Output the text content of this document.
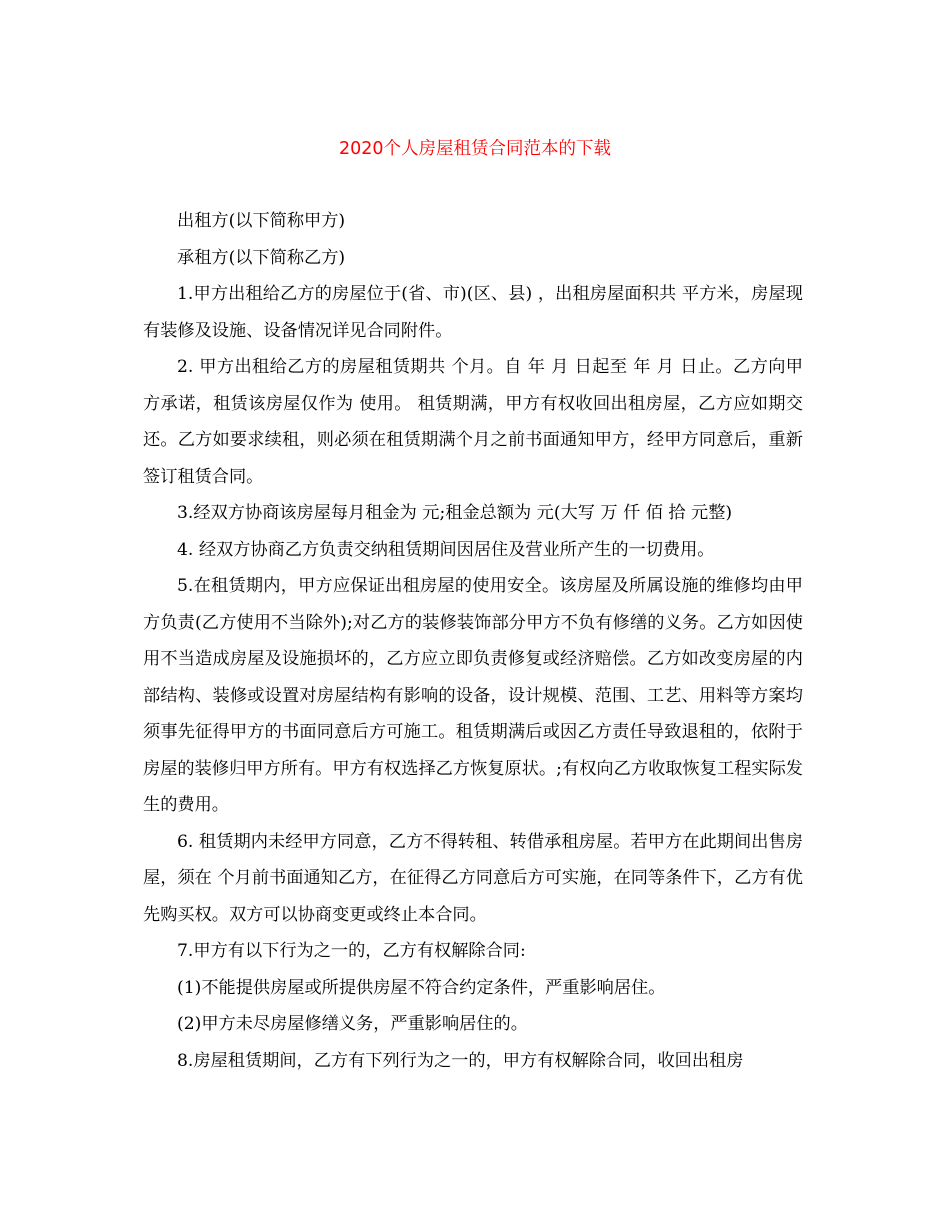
2020个人房屋租赁合同范本的下载

出租方(以下简称甲方)

承租方(以下简称乙方)

1.甲方出租给乙方的房屋位于(省、市)(区、县) ，出租房屋面积共 平方米，房屋现有装修及设施、设备情况详见合同附件。

2. 甲方出租给乙方的房屋租赁期共 个月。自 年 月 日起至 年 月 日止。乙方向甲方承诺，租赁该房屋仅作为 使用。 租赁期满，甲方有权收回出租房屋，乙方应如期交还。乙方如要求续租，则必须在租赁期满个月之前书面通知甲方，经甲方同意后，重新签订租赁合同。

3.经双方协商该房屋每月租金为 元;租金总额为 元(大写 万 仟 佰 拾 元整)

4. 经双方协商乙方负责交纳租赁期间因居住及营业所产生的一切费用。

5.在租赁期内，甲方应保证出租房屋的使用安全。该房屋及所属设施的维修均由甲方负责(乙方使用不当除外);对乙方的装修装饰部分甲方不负有修缮的义务。乙方如因使用不当造成房屋及设施损坏的，乙方应立即负责修复或经济赔偿。乙方如改变房屋的内部结构、装修或设置对房屋结构有影响的设备，设计规模、范围、工艺、用料等方案均须事先征得甲方的书面同意后方可施工。租赁期满后或因乙方责任导致退租的，依附于房屋的装修归甲方所有。甲方有权选择乙方恢复原状。;有权向乙方收取恢复工程实际发生的费用。

6. 租赁期内未经甲方同意，乙方不得转租、转借承租房屋。若甲方在此期间出售房屋，须在 个月前书面通知乙方，在征得乙方同意后方可实施，在同等条件下，乙方有优先购买权。双方可以协商变更或终止本合同。

7.甲方有以下行为之一的，乙方有权解除合同:

(1)不能提供房屋或所提供房屋不符合约定条件，严重影响居住。

(2)甲方未尽房屋修缮义务，严重影响居住的。

8.房屋租赁期间，乙方有下列行为之一的，甲方有权解除合同，收回出租房
